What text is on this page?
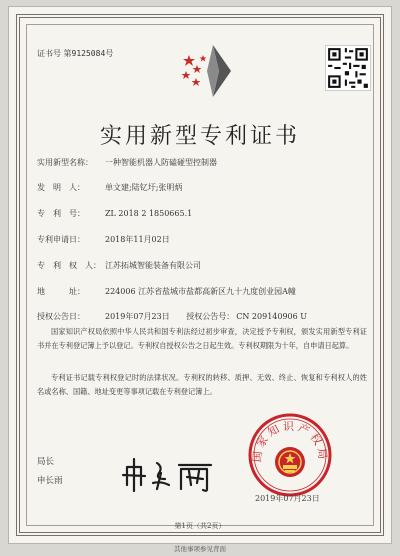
证书号 第9125084号
实用新型专利证书
实用新型名称： 一种智能机器人防磕碰型控制器
发　明　人：	单文建;陆钇圩;张明炳
专　利　号：	ZL 2018 2 1850665.1
专利申请日：	2018年11月02日
专　利　权　人： 江苏拓城智能装备有限公司
地　　　址：	224006 江苏省盐城市盐都高新区九十九度创业园A幢
授权公告日：	2019年07月23日 授权公告号： CN 209140906 U
国家知识产权局依照中华人民共和国专利法经过初步审查，决定授予专利权，颁发实用新型专利证书并在专利登记簿上予以登记。专利权自授权公告之日起生效。专利权期限为十年，自申请日起算。
专利证书记载专利权登记时的法律状况。专利权的转移、质押、无效、终止、恢复和专利权人的姓名或名称、国籍、地址变更等事项记载在专利登记簿上。
局长
申长雨
国家知识产权局
2019年07月23日
第1页（共2页）
其他事项参见背面
